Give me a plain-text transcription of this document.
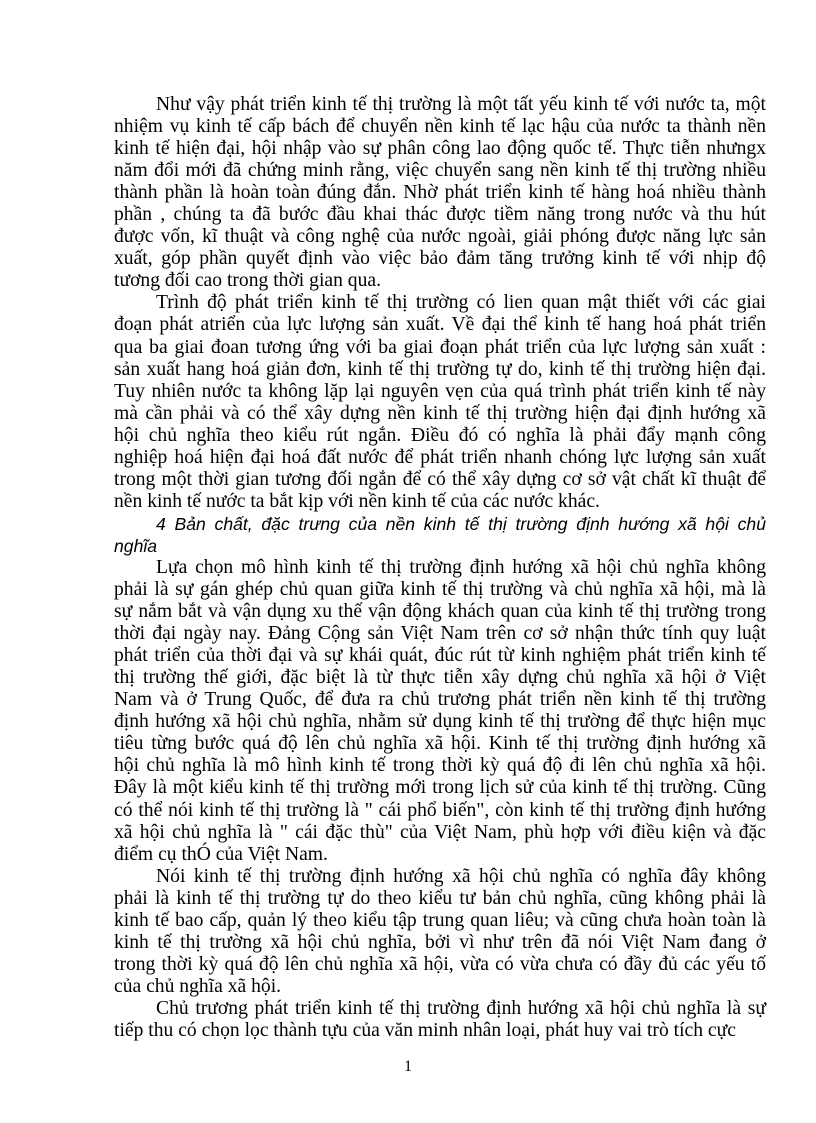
Như vậy phát triển kinh tế thị trường là một tất yếu kinh tế với nước ta, một
nhiệm vụ kinh tế cấp bách để chuyển nền kinh tế lạc hậu của nước ta thành nền
kinh tế hiện đại, hội nhập vào sự phân công lao động quốc tế. Thực tiễn nhưngx
năm đổi mới đã chứng minh rằng, việc chuyển sang nền kinh tế thị trường nhiều
thành phần là hoàn toàn đúng đắn. Nhờ phát triển kinh tế hàng hoá nhiều thành
phần , chúng ta đã bước đầu khai thác được tiềm năng trong nước và thu hút
được vốn, kĩ thuật và công nghệ của nước ngoài, giải phóng được năng lực sản
xuất, góp phần quyết định vào việc bảo đảm tăng trưởng kinh tế với nhịp độ
tương đối cao trong thời gian qua.
Trình độ phát triển kinh tế thị trường có lien quan mật thiết với các giai
đoạn phát atriển của lực lượng sản xuất. Về đại thể kinh tế hang hoá phát triển
qua ba giai đoan tương ứng với ba giai đoạn phát triển của lực lượng sản xuất :
sản xuất hang hoá giản đơn, kinh tế thị trường tự do, kinh tế thị trường hiện đại.
Tuy nhiên nước ta không lặp lại nguyên vẹn của quá trình phát triển kinh tế này
mà cần phải và có thể xây dựng nền kinh tế thị trường hiện đại định hướng xã
hội chủ nghĩa theo kiểu rút ngắn. Điều đó có nghĩa là phải đẩy mạnh công
nghiệp hoá hiện đại hoá đất nước để phát triển nhanh chóng lực lượng sản xuất
trong một thời gian tương đối ngắn để có thể xây dựng cơ sở vật chất kĩ thuật để
nền kinh tế nước ta bắt kịp với nền kinh tế của các nước khác.
4 Bản chất, đặc trưng của nền kinh tế thị trường định hướng xã hội chủ
nghĩa
Lựa chọn mô hình kinh tế thị trường định hướng xã hội chủ nghĩa không
phải là sự gán ghép chủ quan giữa kinh tế thị trường và chủ nghĩa xã hội, mà là
sự nắm bắt và vận dụng xu thế vận động khách quan của kinh tế thị trường trong
thời đại ngày nay. Đảng Cộng sản Việt Nam trên cơ sở nhận thức tính quy luật
phát triển của thời đại và sự khái quát, đúc rút từ kinh nghiệm phát triển kinh tế
thị trường thế giới, đặc biệt là từ thực tiễn xây dựng chủ nghĩa xã hội ở Việt
Nam và ở Trung Quốc, để đưa ra chủ trương phát triển nền kinh tế thị trường
định hướng xã hội chủ nghĩa, nhằm sử dụng kinh tế thị trường để thực hiện mục
tiêu từng bước quá độ lên chủ nghĩa xã hội. Kinh tế thị trường định hướng xã
hội chủ nghĩa là mô hình kinh tế trong thời kỳ quá độ đi lên chủ nghĩa xã hội.
Đây là một kiểu kinh tế thị trường mới trong lịch sử của kinh tế thị trường. Cũng
có thể nói kinh tế thị trường là " cái phổ biến", còn kinh tế thị trường định hướng
xã hội chủ nghĩa là " cái đặc thù" của Việt Nam, phù hợp với điều kiện và đặc
điểm cụ thÓ của Việt Nam.
Nói kinh tế thị trường định hướng xã hội chủ nghĩa có nghĩa đây không
phải là kinh tế thị trường tự do theo kiểu tư bản chủ nghĩa, cũng không phải là
kinh tế bao cấp, quản lý theo kiểu tập trung quan liêu; và cũng chưa hoàn toàn là
kinh tế thị trường xã hội chủ nghĩa, bởi vì như trên đã nói Việt Nam đang ở
trong thời kỳ quá độ lên chủ nghĩa xã hội, vừa có vừa chưa có đầy đủ các yếu tố
của chủ nghĩa xã hội.
Chủ trương phát triển kinh tế thị trường định hướng xã hội chủ nghĩa là sự
tiếp thu có chọn lọc thành tựu của văn minh nhân loại, phát huy vai trò tích cực
1
